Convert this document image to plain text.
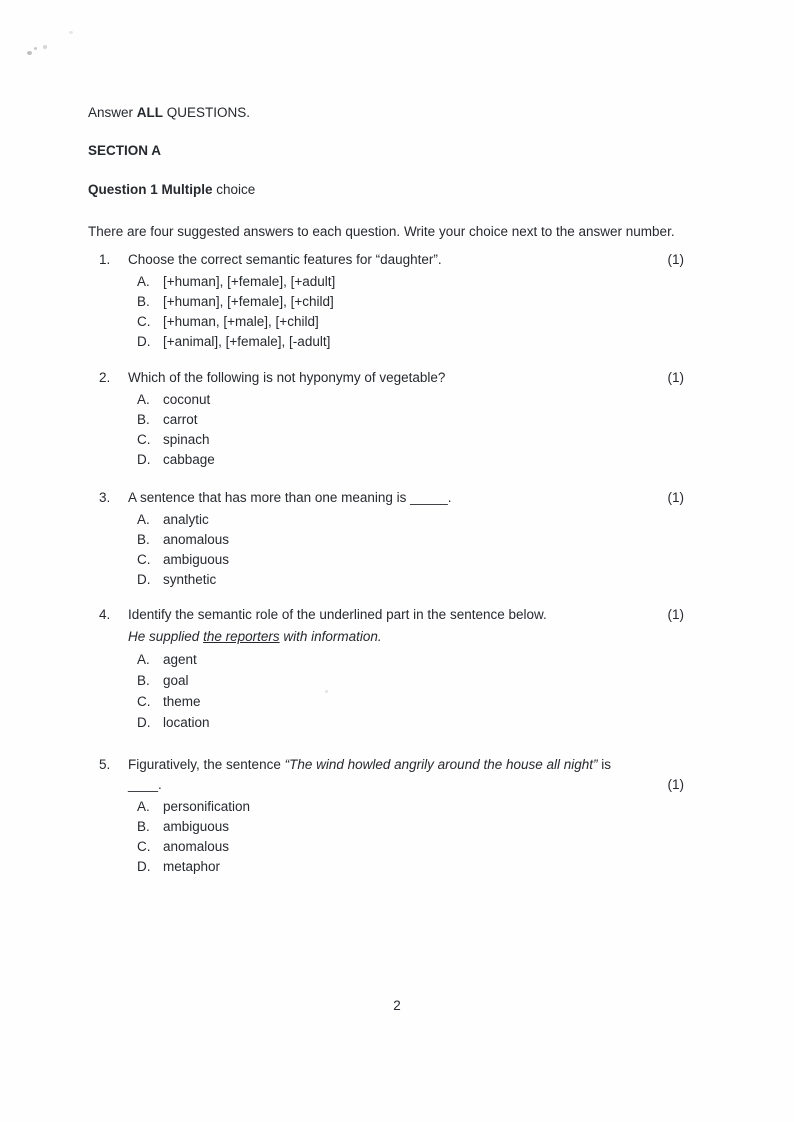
Answer ALL QUESTIONS.

SECTION A

Question 1 Multiple choice

There are four suggested answers to each question. Write your choice next to the answer number.

1.	Choose the correct semantic features for “daughter”.	(1)
A. [+human], [+female], [+adult]
B. [+human], [+female], [+child]
C. [+human, [+male], [+child]
D. [+animal], [+female], [-adult]
2.	Which of the following is not hyponymy of vegetable?	(1)
A. coconut
B. carrot
C. spinach
D. cabbage
3.	A sentence that has more than one meaning is _____.	(1)
A. analytic
B. anomalous
C. ambiguous
D. synthetic
4.	Identify the semantic role of the underlined part in the sentence below.	(1)

He supplied the reporters with information.

A. agent
B. goal
C. theme
D. location
5.	Figuratively, the sentence “The wind howled angrily around the house all night” is
____.	(1)
A. personification
B. ambiguous
C. anomalous
D. metaphor
2
